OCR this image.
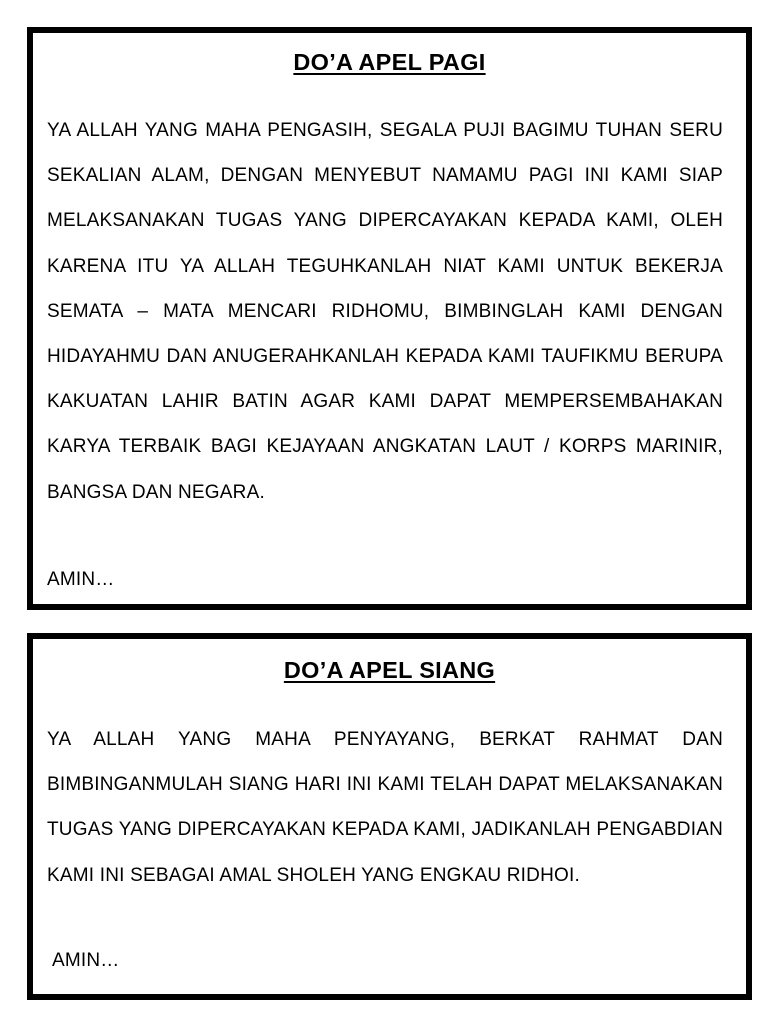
DO’A APEL PAGI
YA ALLAH YANG MAHA PENGASIH, SEGALA PUJI BAGIMU TUHAN SERU SEKALIAN ALAM, DENGAN MENYEBUT NAMAMU PAGI INI KAMI SIAP MELAKSANAKAN TUGAS YANG DIPERCAYAKAN KEPADA KAMI, OLEH KARENA ITU YA ALLAH TEGUHKANLAH NIAT KAMI UNTUK BEKERJA SEMATA – MATA MENCARI RIDHOMU, BIMBINGLAH KAMI DENGAN HIDAYAHMU DAN ANUGERAHKANLAH KEPADA KAMI TAUFIKMU BERUPA KAKUATAN LAHIR BATIN AGAR KAMI DAPAT MEMPERSEMBAHAKAN KARYA TERBAIK BAGI KEJAYAAN ANGKATAN LAUT / KORPS MARINIR, BANGSA DAN NEGARA.
AMIN…
DO’A APEL SIANG
YA ALLAH YANG MAHA PENYAYANG, BERKAT RAHMAT DAN BIMBINGANMULAH SIANG HARI INI KAMI TELAH DAPAT MELAKSANAKAN TUGAS YANG DIPERCAYAKAN KEPADA KAMI, JADIKANLAH PENGABDIAN KAMI INI SEBAGAI AMAL SHOLEH YANG ENGKAU RIDHOI.
AMIN…
